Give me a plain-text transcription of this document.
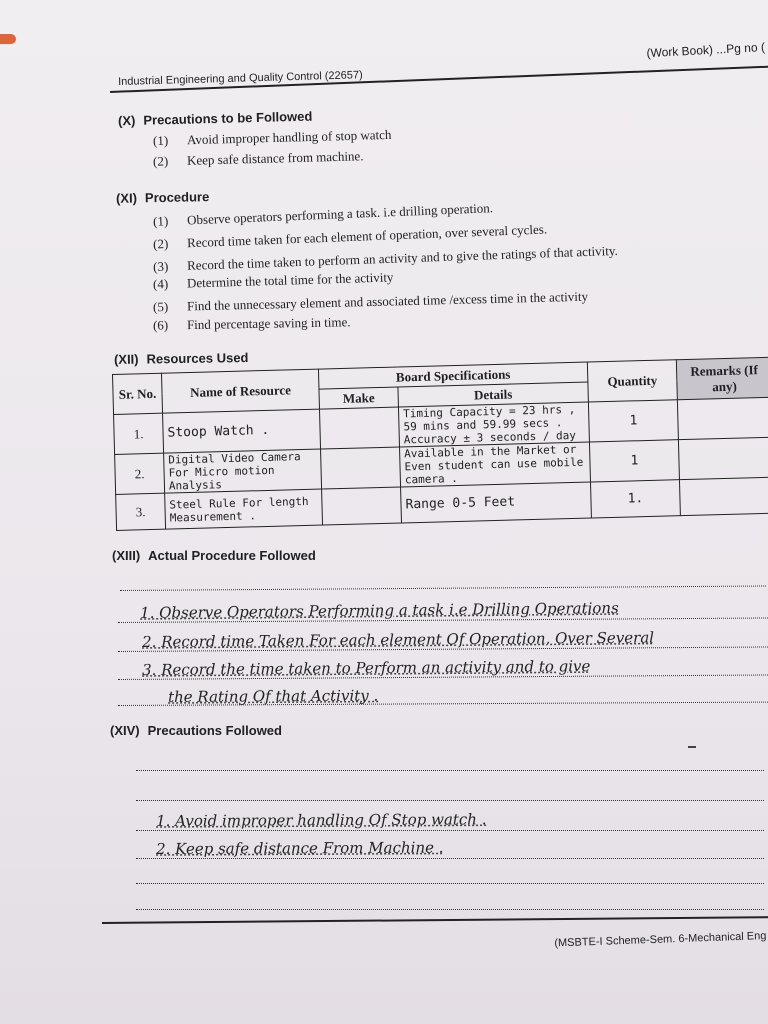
(Work Book) ...Pg no (
Industrial Engineering and Quality Control (22657)
(X) Precautions to be Followed
(1) Avoid improper handling of stop watch
(2) Keep safe distance from machine.
(XI) Procedure
(1) Observe operators performing a task. i.e drilling operation.
(2) Record time taken for each element of operation, over several cycles.
(3) Record the time taken to perform an activity and to give the ratings of that activity.
(4) Determine the total time for the activity
(5) Find the unnecessary element and associated time /excess time in the activity
(6) Find percentage saving in time.
(XII) Resources Used
Sr. No.	Name of Resource	Board Specifications		Quantity	Remarks (If any)
		Make	Details		
1.	Stoop Watch .		Timing Capacity = 23 hrs , 59 mins and 59.99 secs . Accuracy ± 3 seconds / day	1	
2.	Digital Video Camera For Micro motion Analysis		Available in the Market or Even student can use mobile camera .	1	
3.	Steel Rule For length Measurement .		Range 0-5 Feet	1.	
(XIII) Actual Procedure Followed
1. Observe Operators Performing a task i.e Drilling Operations
2. Record time Taken For each element Of Operation, Over Several
3. Record the time taken to Perform an activity and to give
the Rating Of that Activity .
(XIV) Precautions Followed
1. Avoid improper handling Of Stop watch .
2. Keep safe distance From Machine .
(MSBTE-I Scheme-Sem. 6-Mechanical Eng
